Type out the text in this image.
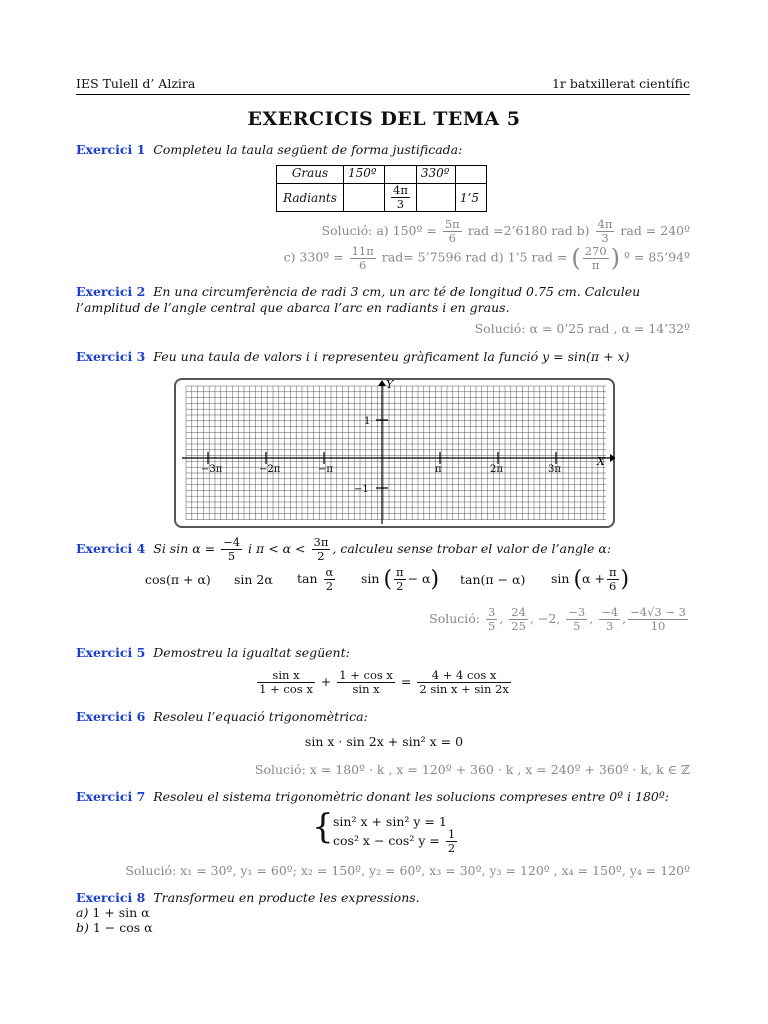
IES Tulell d’ Alzira	1r batxillerat científic
EXERCICIS DEL TEMA 5
Exercici 1 Completeu la taula següent de forma justificada:
Graus	150º		330º	
Radiants		$\frac{4\pi}{3}$		1’5
Solució: a) 150º = $\frac{5\pi}{6}$ rad =2’6180 rad $b) \frac{4\pi}{3}$ rad = 240º
c) 330º = $\frac{11\pi}{6} rad=$ 5’7596 rad d) 1’5 rad = ( $\frac{270}{\pi}$ ) º = 85’94º
Exercici 2 En una circumferència de radi 3 cm, un arc té de longitud 0.75 cm. Calculeu l’amplitud de l’angle central que abarca l’arc en radiants i en graus.
Solució: α = 0’25 rad , α = 14’32º
Exercici 3 Feu una taula de valors i i representeu gràficament la funció y = sin(π + x)
Y
X
1
−1
−3π	−2π	−π	π	2π	3π
Exercici 4 Si $\sin \alpha = \frac{-4}{5}$ i $\pi < \alpha < \frac{3\pi}{2}$ , calculeu sense trobar el valor de l’angle α:
cos(π + α) sin 2α $\tan \frac{\alpha}{2}$ sin ( $\frac{\pi}{2} - \alpha$) tan(π − α) $\sin (\alpha + \frac{\pi}{6}$ )
Solució: $\frac{3}{5}$ , $\frac{24}{25}$ , −2, $\frac{-3}{5}$ , $\frac{-4}{3}$ , $\frac{-4√3 - 3}{10}$
Exercici 5 Demostreu la igualtat següent:
$\frac{\text{sin x}}{\text{1 + cos x}} + \frac{\text{1 + cos x}}{\text{sin x}} = \frac{\text{4 + 4 cos x}}{\text{2 sin x + sin 2x}}$
Exercici 6 Resoleu l’equació trigonomètrica:
sin x · sin 2x + sin² x = 0
Solució: x = 180º · k , x = 120º + 360 · k , x = 240º + 360º · k, k ∈ ℤ
Exercici 7 Resoleu el sistema trigonomètric donant les solucions compreses entre 0º i 180º:
{ sin² x + sin² y = 1
cos² x − cos² $y = \frac{1}{2}$
Solució: x₁ = 30º, y₁ = 60º; x₂ = 150º, y₂ = 60º, x₃ = 30º, y₃ = 120º , x₄ = 150º, y₄ = 120º
Exercici 8 Transformeu en producte les expressions.
a) 1 + sin α
b) 1 − cos α
